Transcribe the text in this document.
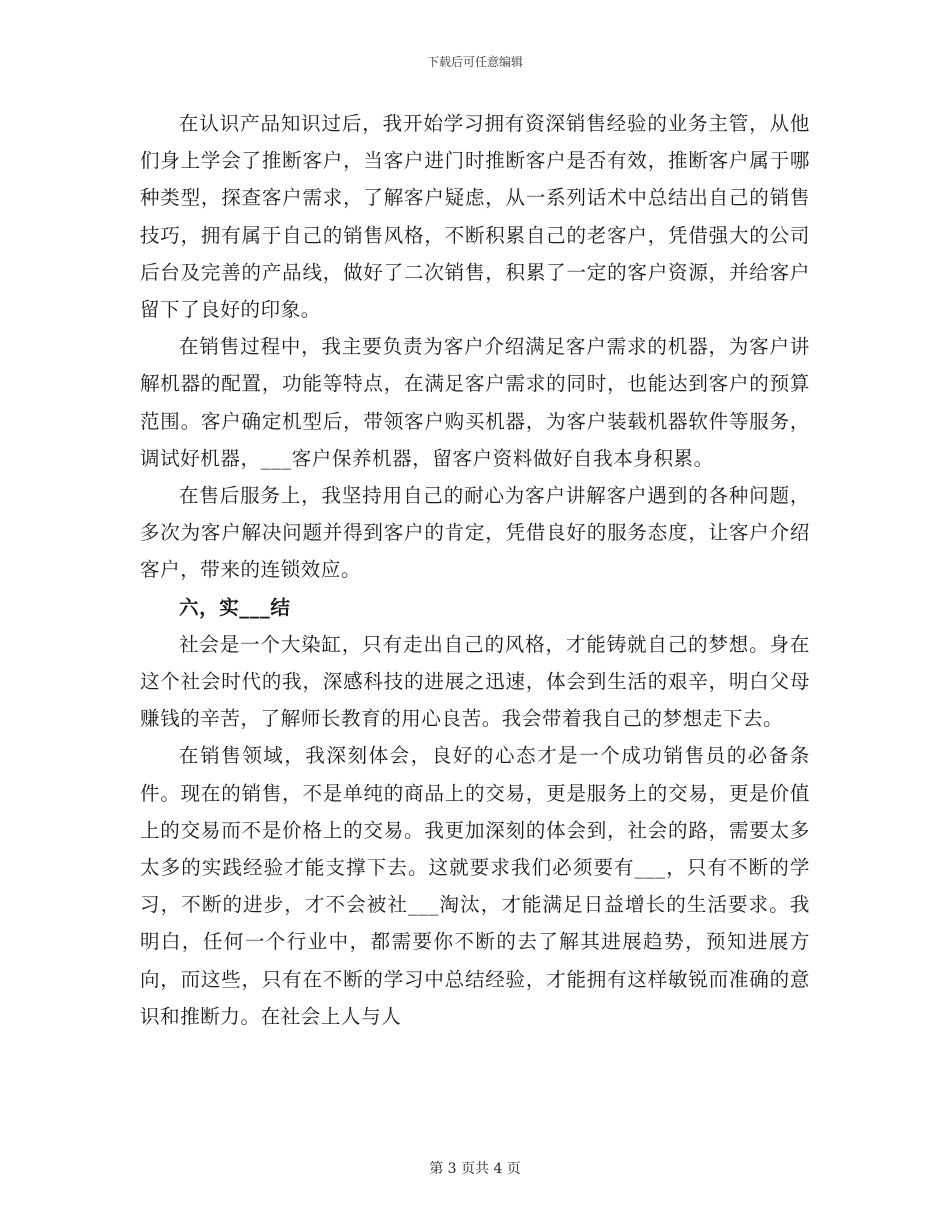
下载后可任意编辑

在认识产品知识过后，我开始学习拥有资深销售经验的业务主管，从他们身上学会了推断客户，当客户进门时推断客户是否有效，推断客户属于哪种类型，探查客户需求，了解客户疑虑，从一系列话术中总结出自己的销售技巧，拥有属于自己的销售风格，不断积累自己的老客户，凭借强大的公司后台及完善的产品线，做好了二次销售，积累了一定的客户资源，并给客户留下了良好的印象。

在销售过程中，我主要负责为客户介绍满足客户需求的机器，为客户讲解机器的配置，功能等特点，在满足客户需求的同时，也能达到客户的预算范围。客户确定机型后，带领客户购买机器，为客户装载机器软件等服务，调试好机器，___客户保养机器，留客户资料做好自我本身积累。

在售后服务上，我坚持用自己的耐心为客户讲解客户遇到的各种问题，多次为客户解决问题并得到客户的肯定，凭借良好的服务态度，让客户介绍客户，带来的连锁效应。

六，实___结

社会是一个大染缸，只有走出自己的风格，才能铸就自己的梦想。身在这个社会时代的我，深感科技的进展之迅速，体会到生活的艰辛，明白父母赚钱的辛苦，了解师长教育的用心良苦。我会带着我自己的梦想走下去。

在销售领域，我深刻体会，良好的心态才是一个成功销售员的必备条件。现在的销售，不是单纯的商品上的交易，更是服务上的交易，更是价值上的交易而不是价格上的交易。我更加深刻的体会到，社会的路，需要太多太多的实践经验才能支撑下去。这就要求我们必须要有___，只有不断的学习，不断的进步，才不会被社___淘汰，才能满足日益增长的生活要求。我明白，任何一个行业中，都需要你不断的去了解其进展趋势，预知进展方向，而这些，只有在不断的学习中总结经验，才能拥有这样敏锐而准确的意识和推断力。在社会上人与人

第 3 页共 4 页
